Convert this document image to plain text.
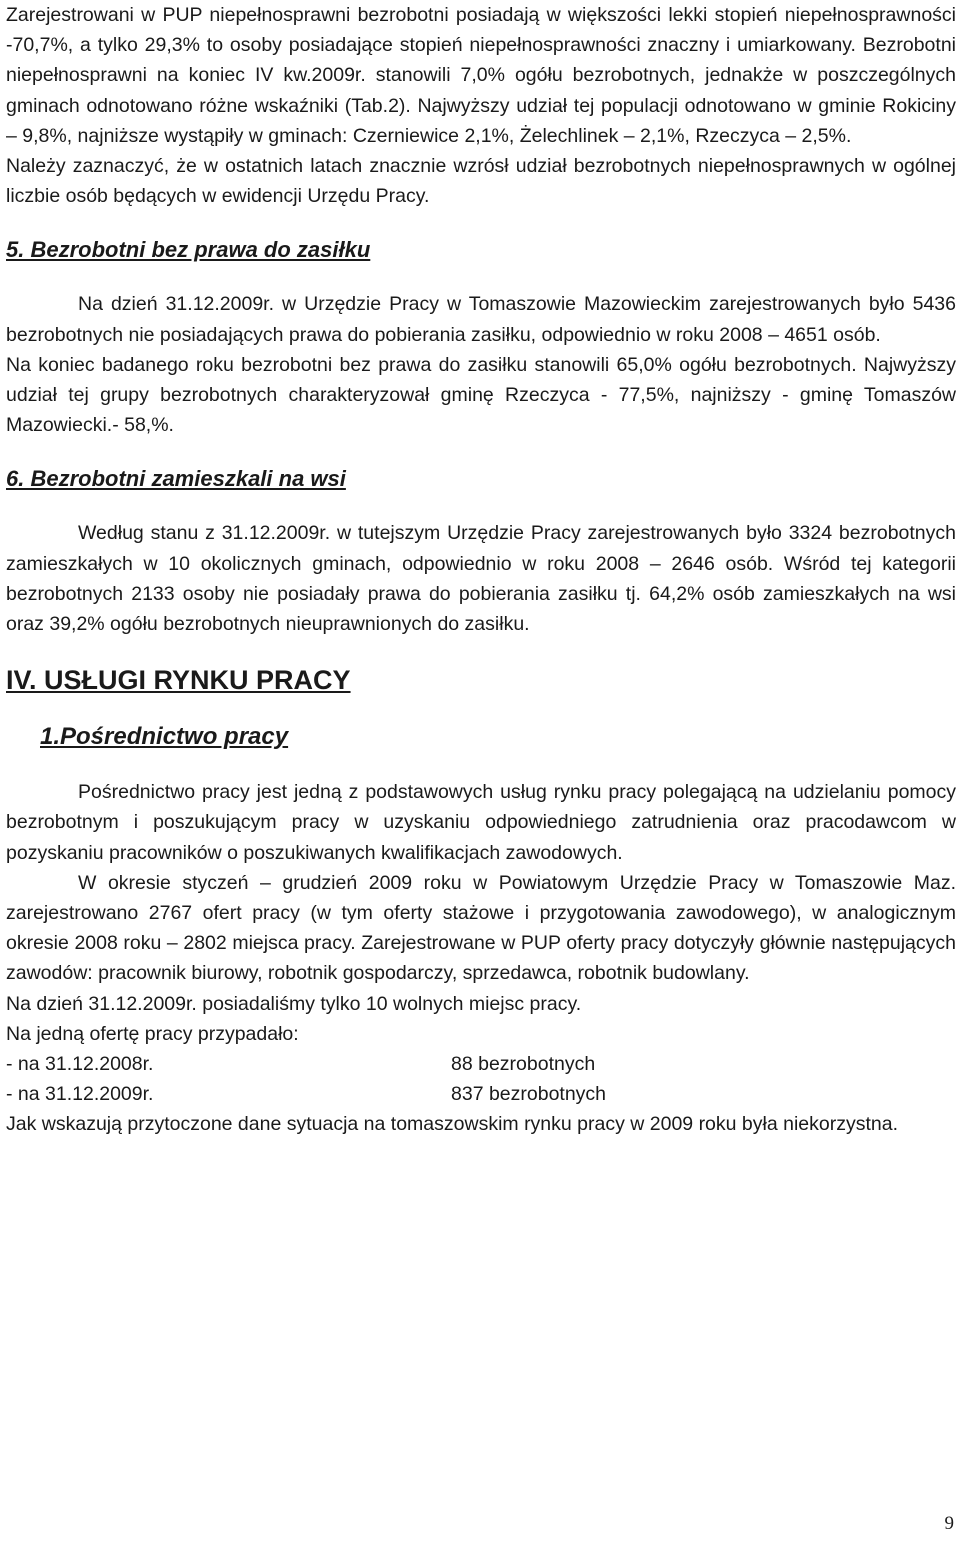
Zarejestrowani w PUP niepełnosprawni bezrobotni posiadają w większości lekki stopień niepełnosprawności -70,7%, a tylko 29,3% to osoby posiadające stopień niepełnosprawności znaczny i umiarkowany. Bezrobotni niepełnosprawni na koniec IV kw.2009r. stanowili 7,0% ogółu bezrobotnych, jednakże w poszczególnych gminach odnotowano różne wskaźniki (Tab.2). Najwyższy udział tej populacji odnotowano w gminie Rokiciny – 9,8%, najniższe wystąpiły w gminach: Czerniewice 2,1%, Żelechlinek – 2,1%, Rzeczyca – 2,5%.

Należy zaznaczyć, że w ostatnich latach znacznie wzrósł udział bezrobotnych niepełnosprawnych w ogólnej liczbie osób będących w ewidencji Urzędu Pracy.

5. Bezrobotni bez prawa do zasiłku

Na dzień 31.12.2009r. w Urzędzie Pracy w Tomaszowie Mazowieckim zarejestrowanych było 5436 bezrobotnych nie posiadających prawa do pobierania zasiłku, odpowiednio w roku 2008 – 4651 osób.

Na koniec badanego roku bezrobotni bez prawa do zasiłku stanowili 65,0% ogółu bezrobotnych. Najwyższy udział tej grupy bezrobotnych charakteryzował gminę Rzeczyca - 77,5%, najniższy - gminę Tomaszów Mazowiecki.- 58,%.

6. Bezrobotni zamieszkali na wsi

Według stanu z 31.12.2009r. w tutejszym Urzędzie Pracy zarejestrowanych było 3324 bezrobotnych zamieszkałych w 10 okolicznych gminach, odpowiednio w roku 2008 – 2646 osób. Wśród tej kategorii bezrobotnych 2133 osoby nie posiadały prawa do pobierania zasiłku tj. 64,2% osób zamieszkałych na wsi oraz 39,2% ogółu bezrobotnych nieuprawnionych do zasiłku.

IV. USŁUGI RYNKU PRACY
1.Pośrednictwo pracy

Pośrednictwo pracy jest jedną z podstawowych usług rynku pracy polegającą na udzielaniu pomocy bezrobotnym i poszukującym pracy w uzyskaniu odpowiedniego zatrudnienia oraz pracodawcom w pozyskaniu pracowników o poszukiwanych kwalifikacjach zawodowych.

W okresie styczeń – grudzień 2009 roku w Powiatowym Urzędzie Pracy w Tomaszowie Maz. zarejestrowano 2767 ofert pracy (w tym oferty stażowe i przygotowania zawodowego), w analogicznym okresie 2008 roku – 2802 miejsca pracy. Zarejestrowane w PUP oferty pracy dotyczyły głównie następujących zawodów: pracownik biurowy, robotnik gospodarczy, sprzedawca, robotnik budowlany.

Na dzień 31.12.2009r. posiadaliśmy tylko 10 wolnych miejsc pracy.

Na jedną ofertę pracy przypadało:

- na 31.12.2008r.	88 bezrobotnych
- na 31.12.2009r.	837 bezrobotnych

Jak wskazują przytoczone dane sytuacja na tomaszowskim rynku pracy w 2009 roku była niekorzystna.

9
